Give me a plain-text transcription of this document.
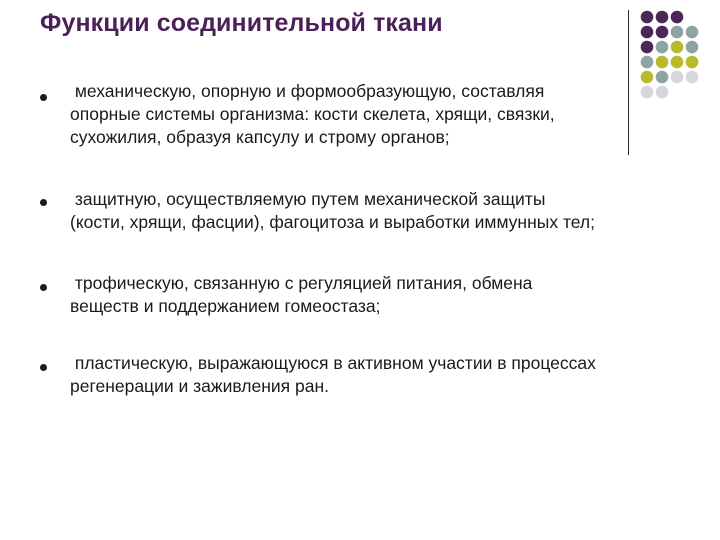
Функции соединительной ткани

механическую, опорную и формообразующую, составляя
опорные системы организма: кости скелета, хрящи, связки,
сухожилия, образуя капсулу и строму органов;

защитную, осуществляемую путем механической защиты
(кости, хрящи, фасции), фагоцитоза и выработки иммунных тел;

трофическую, связанную с регуляцией питания, обмена
веществ и поддержанием гомеостаза;

пластическую, выражающуюся в активном участии в процессах
регенерации и заживления ран.
